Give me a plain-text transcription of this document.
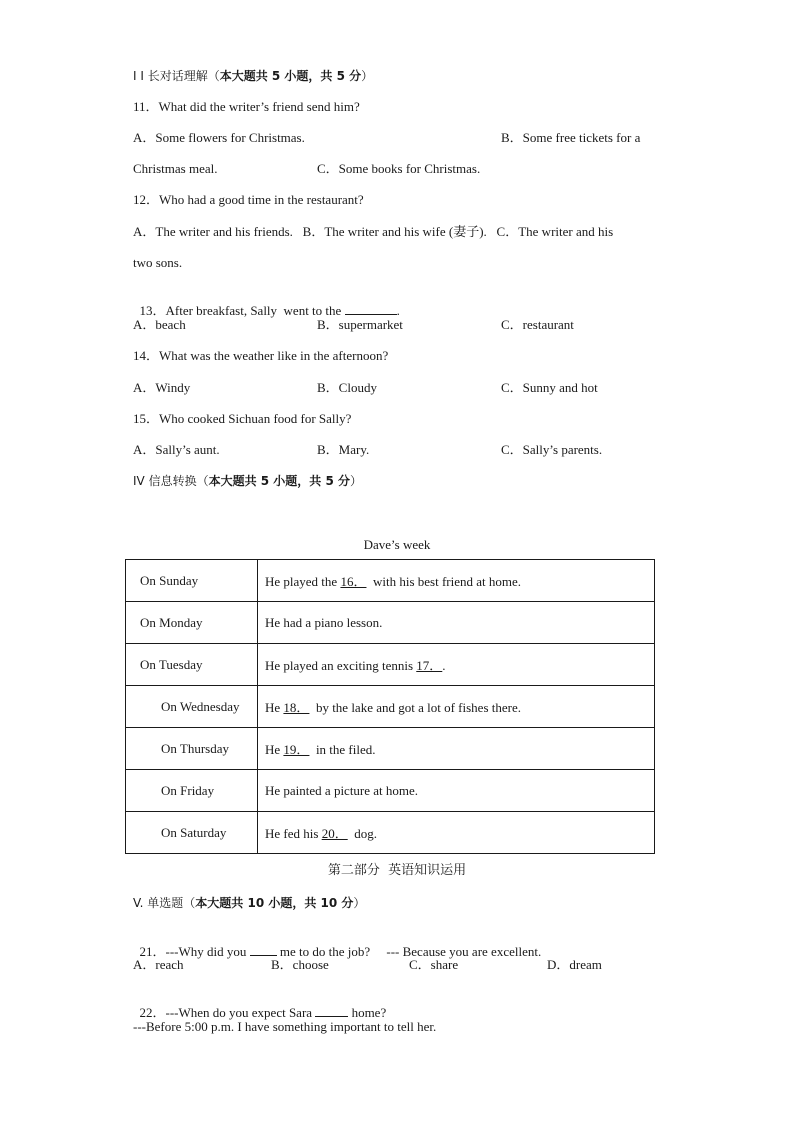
I I 长对话理解（本大题共 5 小题，共 5 分）
11．What did the writer’s friend send him?
A．Some flowers for Christmas.	B．Some free tickets for a
Christmas meal.	C．Some books for Christmas.
12．Who had a good time in the restaurant?
A．The writer and his friends.   B．The writer and his wife (妻子).   C．The writer and his
two sons.

13．After breakfast, Sally  went to the	.

A．beach	B．supermarket	C．restaurant
14．What was the weather like in the afternoon?
A．Windy	B．Cloudy	C．Sunny and hot
15．Who cooked Sichuan food for Sally?
A．Sally’s aunt.	B．Mary.	C．Sally’s parents.
IV 信息转换（本大题共 5 小题，共 5 分）
Dave’s week
On Sunday	He played the 16．  with his best friend at home.
On Monday	He had a piano lesson.
On Tuesday	He played an exciting tennis 17．.
On Wednesday	He 18．  by the lake and got a lot of fishes there.
On Thursday	He 19．  in the filed.
On Friday	He painted a picture at home.
On Saturday	He fed his 20．  dog.
第二部分  英语知识运用
V. 单选题（本大题共 10 小题，共 10 分）

21．---Why did you	me to do the job?     --- Because you are excellent.

A．reach	B．choose	C．share	D．dream

22．---When do you expect Sara	home?

---Before 5:00 p.m. I have something important to tell her.
